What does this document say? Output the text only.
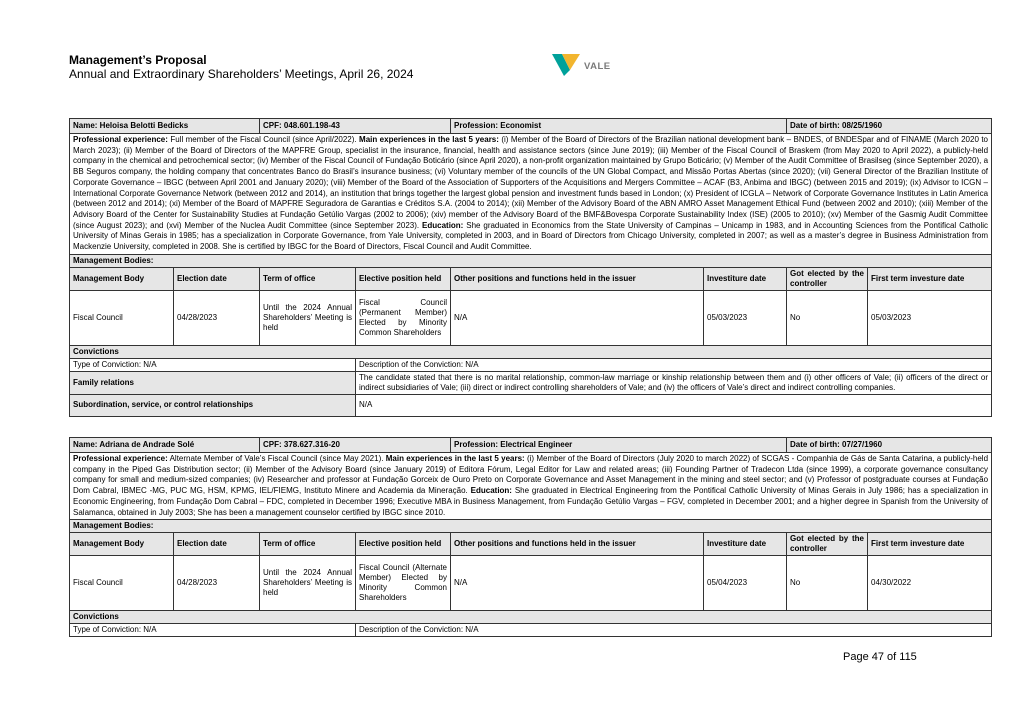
Management’s Proposal
Annual and Extraordinary Shareholders’ Meetings, April 26, 2024
VALE
Name: Heloisa Belotti Bedicks		CPF: 048.601.198-43		Profession: Economist		Date of birth: 08/25/1960	
Professional experience: Full member of the Fiscal Council (since April/2022). Main experiences in the last 5 years: (i) Member of the Board of Directors of the Brazilian national development bank – BNDES, of BNDESpar and of FINAME (March 2020 to March 2023); (ii) Member of the Board of Directors of the MAPFRE Group, specialist in the insurance, financial, health and assistance sectors (since June 2019); (iii) Member of the Fiscal Council of Braskem (from May 2020 to April 2022), a publicly-held company in the chemical and petrochemical sector; (iv) Member of the Fiscal Council of Fundação Boticário (since April 2020), a non-profit organization maintained by Grupo Boticário; (v) Member of the Audit Committee of Brasilseg (since September 2020), a BB Seguros company, the holding company that concentrates Banco do Brasil’s insurance business; (vi) Voluntary member of the councils of the UN Global Compact, and Missão Portas Abertas (since 2020); (vii) General Director of the Brazilian Institute of Corporate Governance – IBGC (between April 2001 and January 2020); (viii) Member of the Board of the Association of Supporters of the Acquisitions and Mergers Committee – ACAF (B3, Anbima and IBGC) (between 2015 and 2019); (ix) Advisor to ICGN – International Corporate Governance Network (between 2012 and 2014), an institution that brings together the largest global pension and investment funds based in London; (x) President of ICGLA – Network of Corporate Governance Institutes in Latin America (between 2012 and 2014); (xi) Member of the Board of MAPFRE Seguradora de Garantias e Créditos S.A. (2004 to 2014); (xii) Member of the Advisory Board of the ABN AMRO Asset Management Ethical Fund (between 2002 and 2010); (xiii) Member of the Advisory Board of the Center for Sustainability Studies at Fundação Getúlio Vargas (2002 to 2006); (xiv) member of the Advisory Board of the BMF&Bovespa Corporate Sustainability Index (ISE) (2005 to 2010); (xv) Member of the Gasmig Audit Committee (since August 2023); and (xvi) Member of the Nuclea Audit Committee (since September 2023). Education: She graduated in Economics from the State University of Campinas – Unicamp in 1983, and in Accounting Sciences from the Pontifical Catholic University of Minas Gerais in 1985; has a specialization in Corporate Governance, from Yale University, completed in 2003, and in Board of Directors from Chicago University, completed in 2007; as well as a master’s degree in Business Administration from Mackenzie University, completed in 2008. She is certified by IBGC for the Board of Directors, Fiscal Council and Audit Committee.							
Management Bodies:							
Management Body	Election date	Term of office	Elective position held	Other positions and functions held in the issuer	Investiture date	Got elected by the controller	First term investure date
Fiscal Council	04/28/2023	Until the 2024 Annual Shareholders’ Meeting is held	Fiscal Council (Permanent Member) Elected by Minority Common Shareholders	N/A	05/03/2023	No	05/03/2023
Convictions							
Type of Conviction: N/A			Description of the Conviction: N/A				
Family relations			The candidate stated that there is no marital relationship, common-law marriage or kinship relationship between them and (i) other officers of Vale; (ii) officers of the direct or indirect subsidiaries of Vale; (iii) direct or indirect controlling shareholders of Vale; and (iv) the officers of Vale’s direct and indirect controlling companies.				
Subordination, service, or control relationships			N/A				
Name: Adriana de Andrade Solé		CPF: 378.627.316-20		Profession: Electrical Engineer		Date of birth: 07/27/1960	
Professional experience: Alternate Member of Vale’s Fiscal Council (since May 2021). Main experiences in the last 5 years: (i) Member of the Board of Directors (July 2020 to march 2022) of SCGAS - Companhia de Gás de Santa Catarina, a publicly-held company in the Piped Gas Distribution sector; (ii) Member of the Advisory Board (since January 2019) of Editora Fórum, Legal Editor for Law and related areas; (iii) Founding Partner of Tradecon Ltda (since 1999), a corporate governance consultancy company for small and medium-sized companies; (iv) Researcher and professor at Fundação Gorceix de Ouro Preto on Corporate Governance and Asset Management in the mining and steel sector; and (v) Professor of postgraduate courses at Fundação Dom Cabral, IBMEC -MG, PUC MG, HSM, KPMG, IEL/FIEMG, Instituto Minere and Academia da Mineração. Education: She graduated in Electrical Engineering from the Pontifical Catholic University of Minas Gerais in July 1986; has a specialization in Economic Engineering, from Fundação Dom Cabral – FDC, completed in December 1996; Executive MBA in Business Management, from Fundação Getúlio Vargas – FGV, completed in December 2001; and a higher degree in Spanish from the University of Salamanca, obtained in July 2003; She has been a management counselor certified by IBGC since 2010.							
Management Bodies:							
Management Body	Election date	Term of office	Elective position held	Other positions and functions held in the issuer	Investiture date	Got elected by the controller	First term investure date
Fiscal Council	04/28/2023	Until the 2024 Annual Shareholders’ Meeting is held	Fiscal Council (Alternate Member) Elected by Minority Common Shareholders	N/A	05/04/2023	No	04/30/2022
Convictions							
Type of Conviction: N/A			Description of the Conviction: N/A				
Page 47 of 115
